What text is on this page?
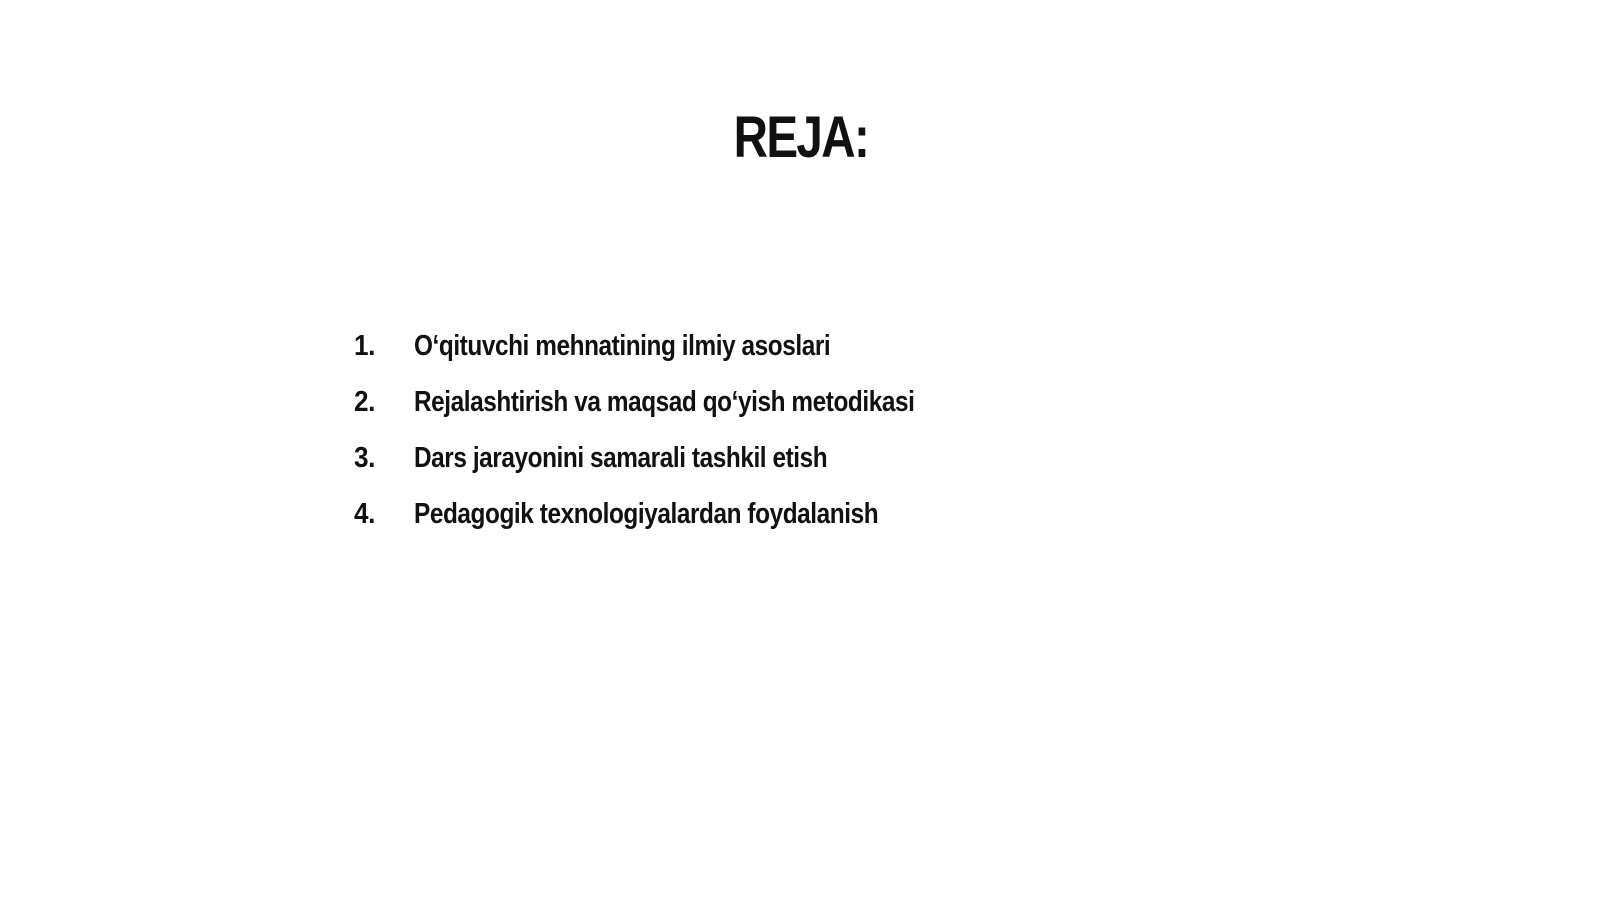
REJA:
1.	O‘qituvchi mehnatining ilmiy asoslari
2.	Rejalashtirish va maqsad qo‘yish metodikasi
3.	Dars jarayonini samarali tashkil etish
4.	Pedagogik texnologiyalardan foydalanish
